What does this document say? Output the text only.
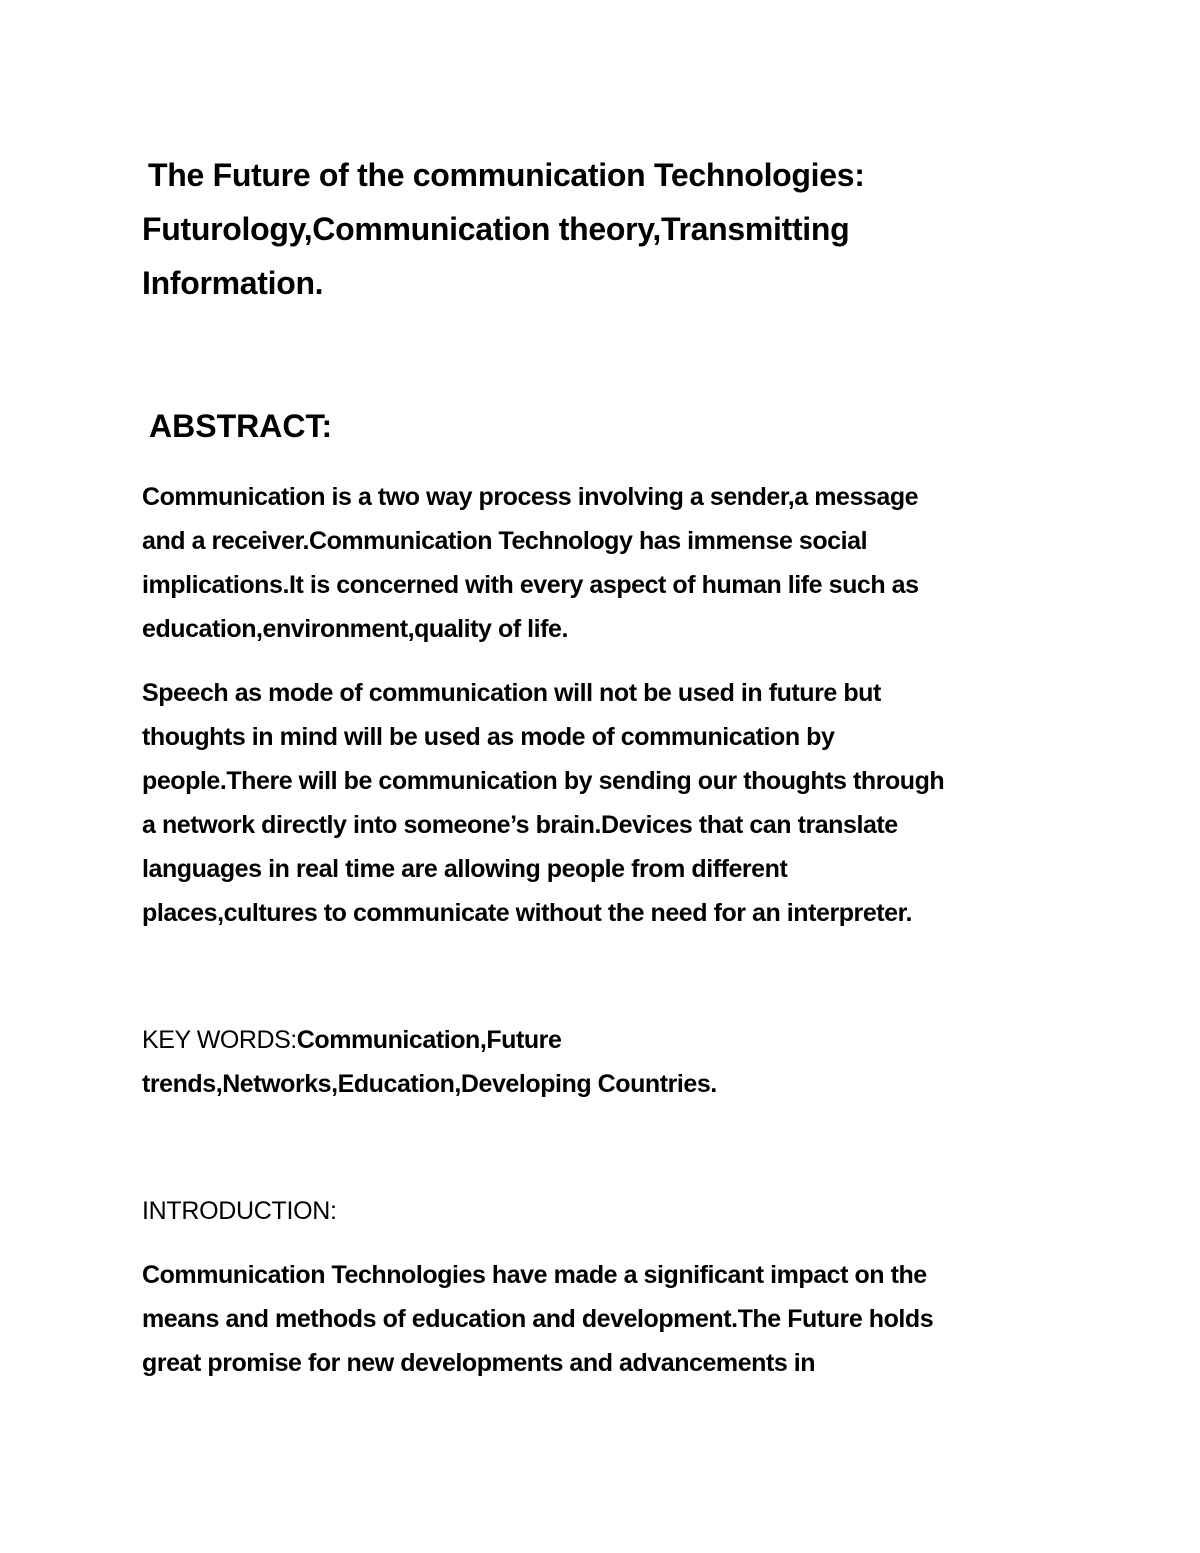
The Future of the communication Technologies:
Futurology,Communication theory,Transmitting
Information.
ABSTRACT:

Communication is a two way process involving a sender,a message
and a receiver.Communication Technology has immense social
implications.It is concerned with every aspect of human life such as
education,environment,quality of life.

Speech as mode of communication will not be used in future but
thoughts in mind will be used as mode of communication by
people.There will be communication by sending our thoughts through
a network directly into someone’s brain.Devices that can translate
languages in real time are allowing people from different
places,cultures to communicate without the need for an interpreter.

KEY WORDS:Communication,Future
trends,Networks,Education,Developing Countries.

INTRODUCTION:

Communication Technologies have made a significant impact on the
means and methods of education and development.The Future holds
great promise for new developments and advancements in
